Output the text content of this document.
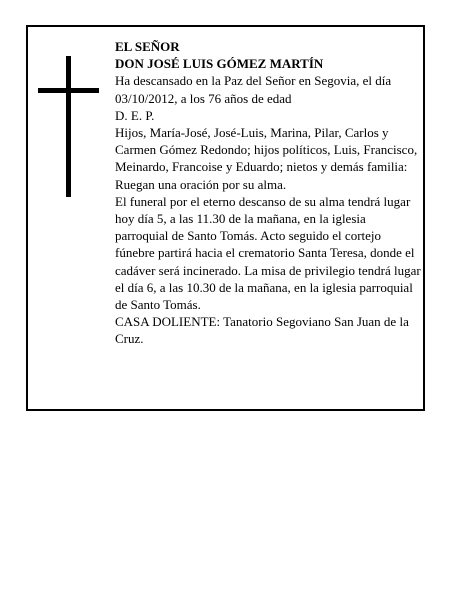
EL SEÑOR

DON JOSÉ LUIS GÓMEZ MARTÍN

Ha descansado en la Paz del Señor en Segovia, el día 03/10/2012, a los 76 años de edad

D. E. P.

Hijos, María-José, José-Luis, Marina, Pilar, Carlos y Carmen Gómez Redondo; hijos políticos, Luis, Francisco, Meinardo, Francoise y Eduardo; nietos y demás familia:

Ruegan una oración por su alma.

El funeral por el eterno descanso de su alma tendrá lugar hoy día 5, a las 11.30 de la mañana, en la iglesia parroquial de Santo Tomás. Acto seguido el cortejo fúnebre partirá hacia el crematorio Santa Teresa, donde el cadáver será incinerado. La misa de privilegio tendrá lugar el día 6, a las 10.30 de la mañana, en la iglesia parroquial de Santo Tomás.

CASA DOLIENTE: Tanatorio Segoviano San Juan de la Cruz.
